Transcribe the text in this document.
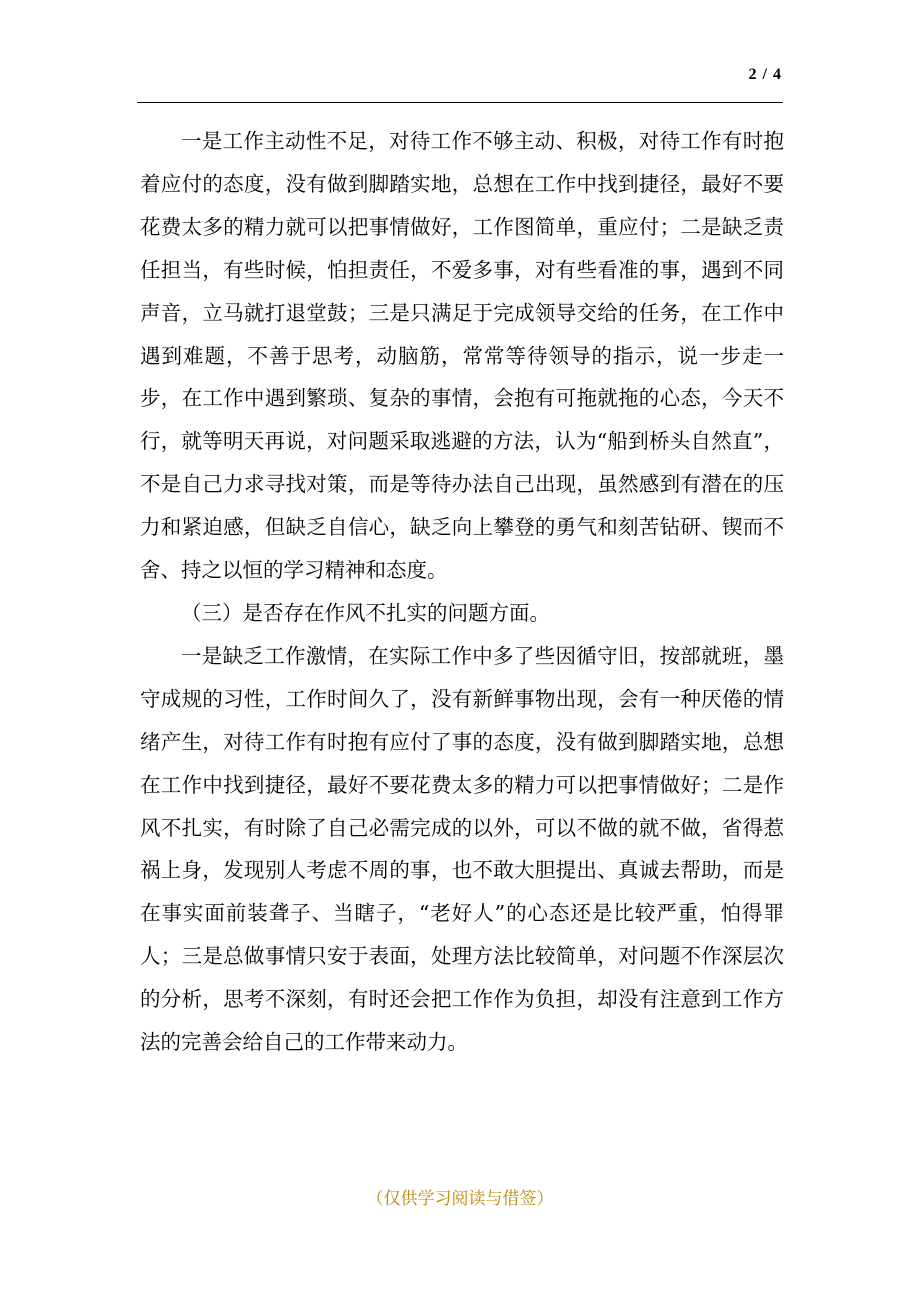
2 / 4

一是工作主动性不足，对待工作不够主动、积极，对待工作有时抱着应付的态度，没有做到脚踏实地，总想在工作中找到捷径，最好不要花费太多的精力就可以把事情做好，工作图简单，重应付；二是缺乏责任担当，有些时候，怕担责任，不爱多事，对有些看准的事，遇到不同声音，立马就打退堂鼓；三是只满足于完成领导交给的任务，在工作中遇到难题，不善于思考，动脑筋，常常等待领导的指示，说一步走一步，在工作中遇到繁琐、复杂的事情，会抱有可拖就拖的心态，今天不行，就等明天再说，对问题采取逃避的方法，认为“船到桥头自然直”，不是自己力求寻找对策，而是等待办法自己出现，虽然感到有潜在的压力和紧迫感，但缺乏自信心，缺乏向上攀登的勇气和刻苦钻研、锲而不舍、持之以恒的学习精神和态度。

（三）是否存在作风不扎实的问题方面。

一是缺乏工作激情，在实际工作中多了些因循守旧，按部就班，墨守成规的习性，工作时间久了，没有新鲜事物出现，会有一种厌倦的情绪产生，对待工作有时抱有应付了事的态度，没有做到脚踏实地，总想在工作中找到捷径，最好不要花费太多的精力可以把事情做好；二是作风不扎实，有时除了自己必需完成的以外，可以不做的就不做，省得惹祸上身，发现别人考虑不周的事，也不敢大胆提出、真诚去帮助，而是在事实面前装聋子、当瞎子，“老好人”的心态还是比较严重，怕得罪人；三是总做事情只安于表面，处理方法比较简单，对问题不作深层次的分析，思考不深刻，有时还会把工作作为负担，却没有注意到工作方法的完善会给自己的工作带来动力。

（仅供学习阅读与借签）
